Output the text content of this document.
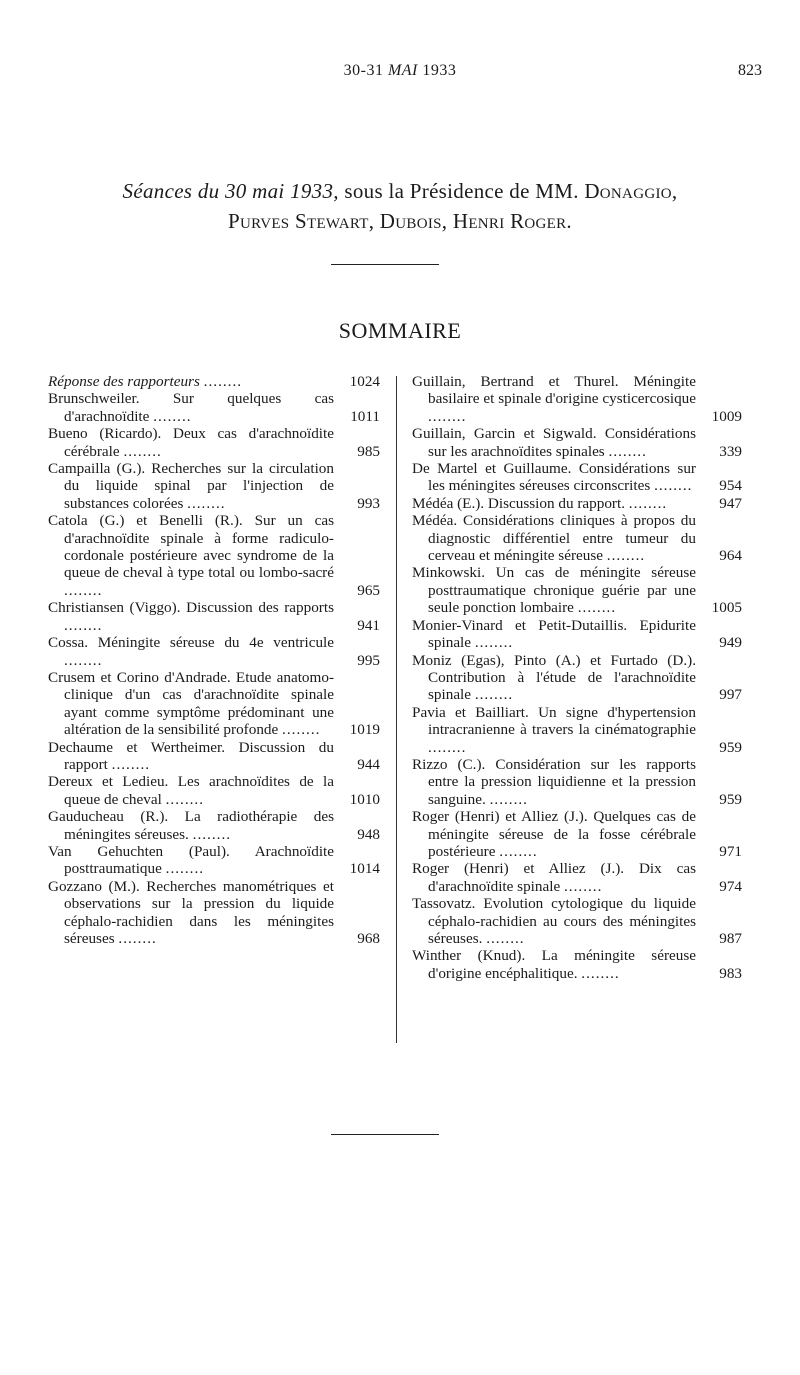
30-31 MAI 1933	823
Séances du 30 mai 1933, sous la Présidence de MM. Donaggio,
Purves Stewart, Dubois, Henri Roger.
SOMMAIRE

Réponse des rapporteurs ........	1024

Brunschweiler. Sur quelques cas d'arachnoïdite ........	1011

Bueno (Ricardo). Deux cas d'arachnoïdite cérébrale ........	985

Campailla (G.). Recherches sur la circulation du liquide spinal par l'injection de substances colorées ........	993

Catola (G.) et Benelli (R.). Sur un cas d'arachnoïdite spinale à forme radiculo-cordonale postérieure avec syndrome de la queue de cheval à type total ou lombo-sacré ........	965

Christiansen (Viggo). Discussion des rapports ........	941

Cossa. Méningite séreuse du 4e ventricule ........	995

Crusem et Corino d'Andrade. Etude anatomo-clinique d'un cas d'arachnoïdite spinale ayant comme symptôme prédominant une altération de la sensibilité profonde ........ 1019

Dechaume et Wertheimer. Discussion du rapport ........	944

Dereux et Ledieu. Les arachnoïdites de la queue de cheval ........	1010

Gauducheau (R.). La radiothérapie des méningites séreuses. ........	948

Van Gehuchten (Paul). Arachnoïdite posttraumatique ........	1014

Gozzano (M.). Recherches manométriques et observations sur la pression du liquide céphalo-rachidien dans les méningites séreuses ........	968

Guillain, Bertrand et Thurel. Méningite basilaire et spinale d'origine cysticercosique ........	1009

Guillain, Garcin et Sigwald. Considérations sur les arachnoïdites spinales ........	339

De Martel et Guillaume. Considérations sur les méningites séreuses circonscrites ........ 954

Médéa (E.). Discussion du rapport. ........	947

Médéa. Considérations cliniques à propos du diagnostic différentiel entre tumeur du cerveau et méningite séreuse ........	964

Minkowski. Un cas de méningite séreuse posttraumatique chronique guérie par une seule ponction lombaire ........	1005

Monier-Vinard et Petit-Dutaillis. Epidurite spinale ........	949

Moniz (Egas), Pinto (A.) et Furtado (D.). Contribution à l'étude de l'arachnoïdite spinale ........	997

Pavia et Bailliart. Un signe d'hypertension intracranienne à travers la cinématographie ........	959

Rizzo (C.). Considération sur les rapports entre la pression liquidienne et la pression sanguine. ........	959

Roger (Henri) et Alliez (J.). Quelques cas de méningite séreuse de la fosse cérébrale postérieure ........	971

Roger (Henri) et Alliez (J.). Dix cas d'arachnoïdite spinale ........	974

Tassovatz. Evolution cytologique du liquide céphalo-rachidien au cours des méningites séreuses. ........	987

Winther (Knud). La méningite séreuse d'origine encéphalitique. ........	983
